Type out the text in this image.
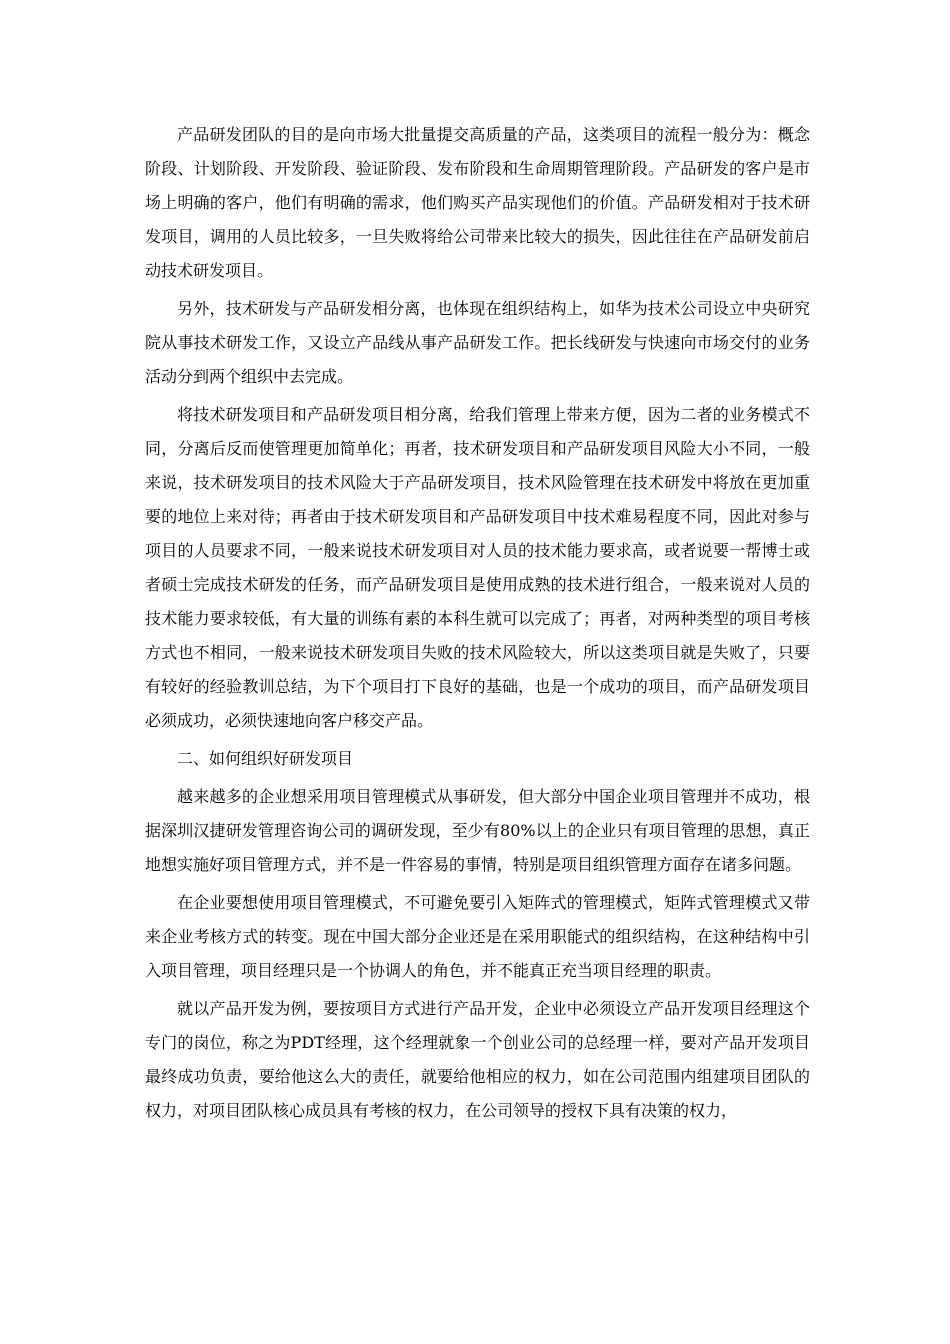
产品研发团队的目的是向市场大批量提交高质量的产品，这类项目的流程一般分为：概念阶段、计划阶段、开发阶段、验证阶段、发布阶段和生命周期管理阶段。产品研发的客户是市场上明确的客户，他们有明确的需求，他们购买产品实现他们的价值。产品研发相对于技术研发项目，调用的人员比较多，一旦失败将给公司带来比较大的损失，因此往往在产品研发前启动技术研发项目。

另外，技术研发与产品研发相分离，也体现在组织结构上，如华为技术公司设立中央研究院从事技术研发工作，又设立产品线从事产品研发工作。把长线研发与快速向市场交付的业务活动分到两个组织中去完成。

将技术研发项目和产品研发项目相分离，给我们管理上带来方便，因为二者的业务模式不同，分离后反而使管理更加简单化；再者，技术研发项目和产品研发项目风险大小不同，一般来说，技术研发项目的技术风险大于产品研发项目，技术风险管理在技术研发中将放在更加重要的地位上来对待；再者由于技术研发项目和产品研发项目中技术难易程度不同，因此对参与项目的人员要求不同，一般来说技术研发项目对人员的技术能力要求高，或者说要一帮博士或者硕士完成技术研发的任务，而产品研发项目是使用成熟的技术进行组合，一般来说对人员的技术能力要求较低，有大量的训练有素的本科生就可以完成了；再者，对两种类型的项目考核方式也不相同，一般来说技术研发项目失败的技术风险较大，所以这类项目就是失败了，只要有较好的经验教训总结，为下个项目打下良好的基础，也是一个成功的项目，而产品研发项目必须成功，必须快速地向客户移交产品。

二、如何组织好研发项目

越来越多的企业想采用项目管理模式从事研发，但大部分中国企业项目管理并不成功，根据深圳汉捷研发管理咨询公司的调研发现，至少有80%以上的企业只有项目管理的思想，真正地想实施好项目管理方式，并不是一件容易的事情，特别是项目组织管理方面存在诸多问题。

在企业要想使用项目管理模式，不可避免要引入矩阵式的管理模式，矩阵式管理模式又带来企业考核方式的转变。现在中国大部分企业还是在采用职能式的组织结构，在这种结构中引入项目管理，项目经理只是一个协调人的角色，并不能真正充当项目经理的职责。

就以产品开发为例，要按项目方式进行产品开发，企业中必须设立产品开发项目经理这个专门的岗位，称之为PDT经理，这个经理就象一个创业公司的总经理一样，要对产品开发项目最终成功负责，要给他这么大的责任，就要给他相应的权力，如在公司范围内组建项目团队的权力，对项目团队核心成员具有考核的权力，在公司领导的授权下具有决策的权力，
